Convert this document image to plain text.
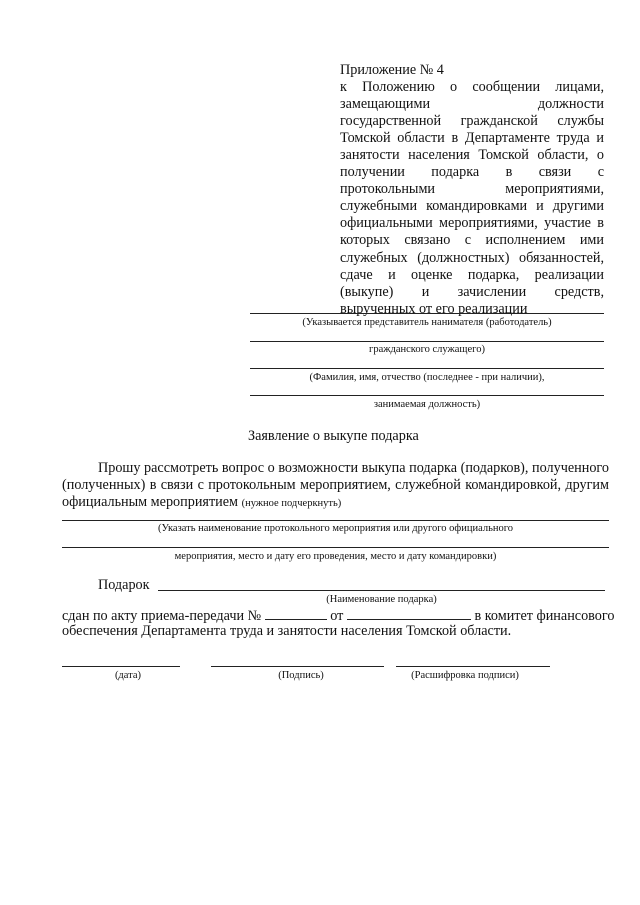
Приложение № 4
к Положению о сообщении лицами, замещающими должности государственной гражданской службы Томской области в Департаменте труда и занятости населения Томской области, о получении подарка в связи с протокольными мероприятиями, служебными командировками и другими официальными мероприятиями, участие в которых связано с исполнением ими служебных (должностных) обязанностей, сдаче и оценке подарка, реализации (выкупе) и зачислении средств, вырученных от его реализации
(Указывается представитель нанимателя (работодатель)
гражданского служащего)
(Фамилия, имя, отчество (последнее - при наличии),
занимаемая должность)
Заявление о выкупе подарка
Прошу рассмотреть вопрос о возможности выкупа подарка (подарков), полученного
(полученных) в связи с протокольным мероприятием, служебной командировкой, другим
официальным мероприятием (нужное подчеркнуть)
(Указать наименование протокольного мероприятия или другого официального
мероприятия, место и дату его проведения, место и дату командировки)
Подарок
(Наименование подарка)
сдан по акту приема-передачи №	от	в комитет финансового
обеспечения Департамента труда и занятости населения Томской области.
(дата)	(Подпись)	(Расшифровка подписи)
